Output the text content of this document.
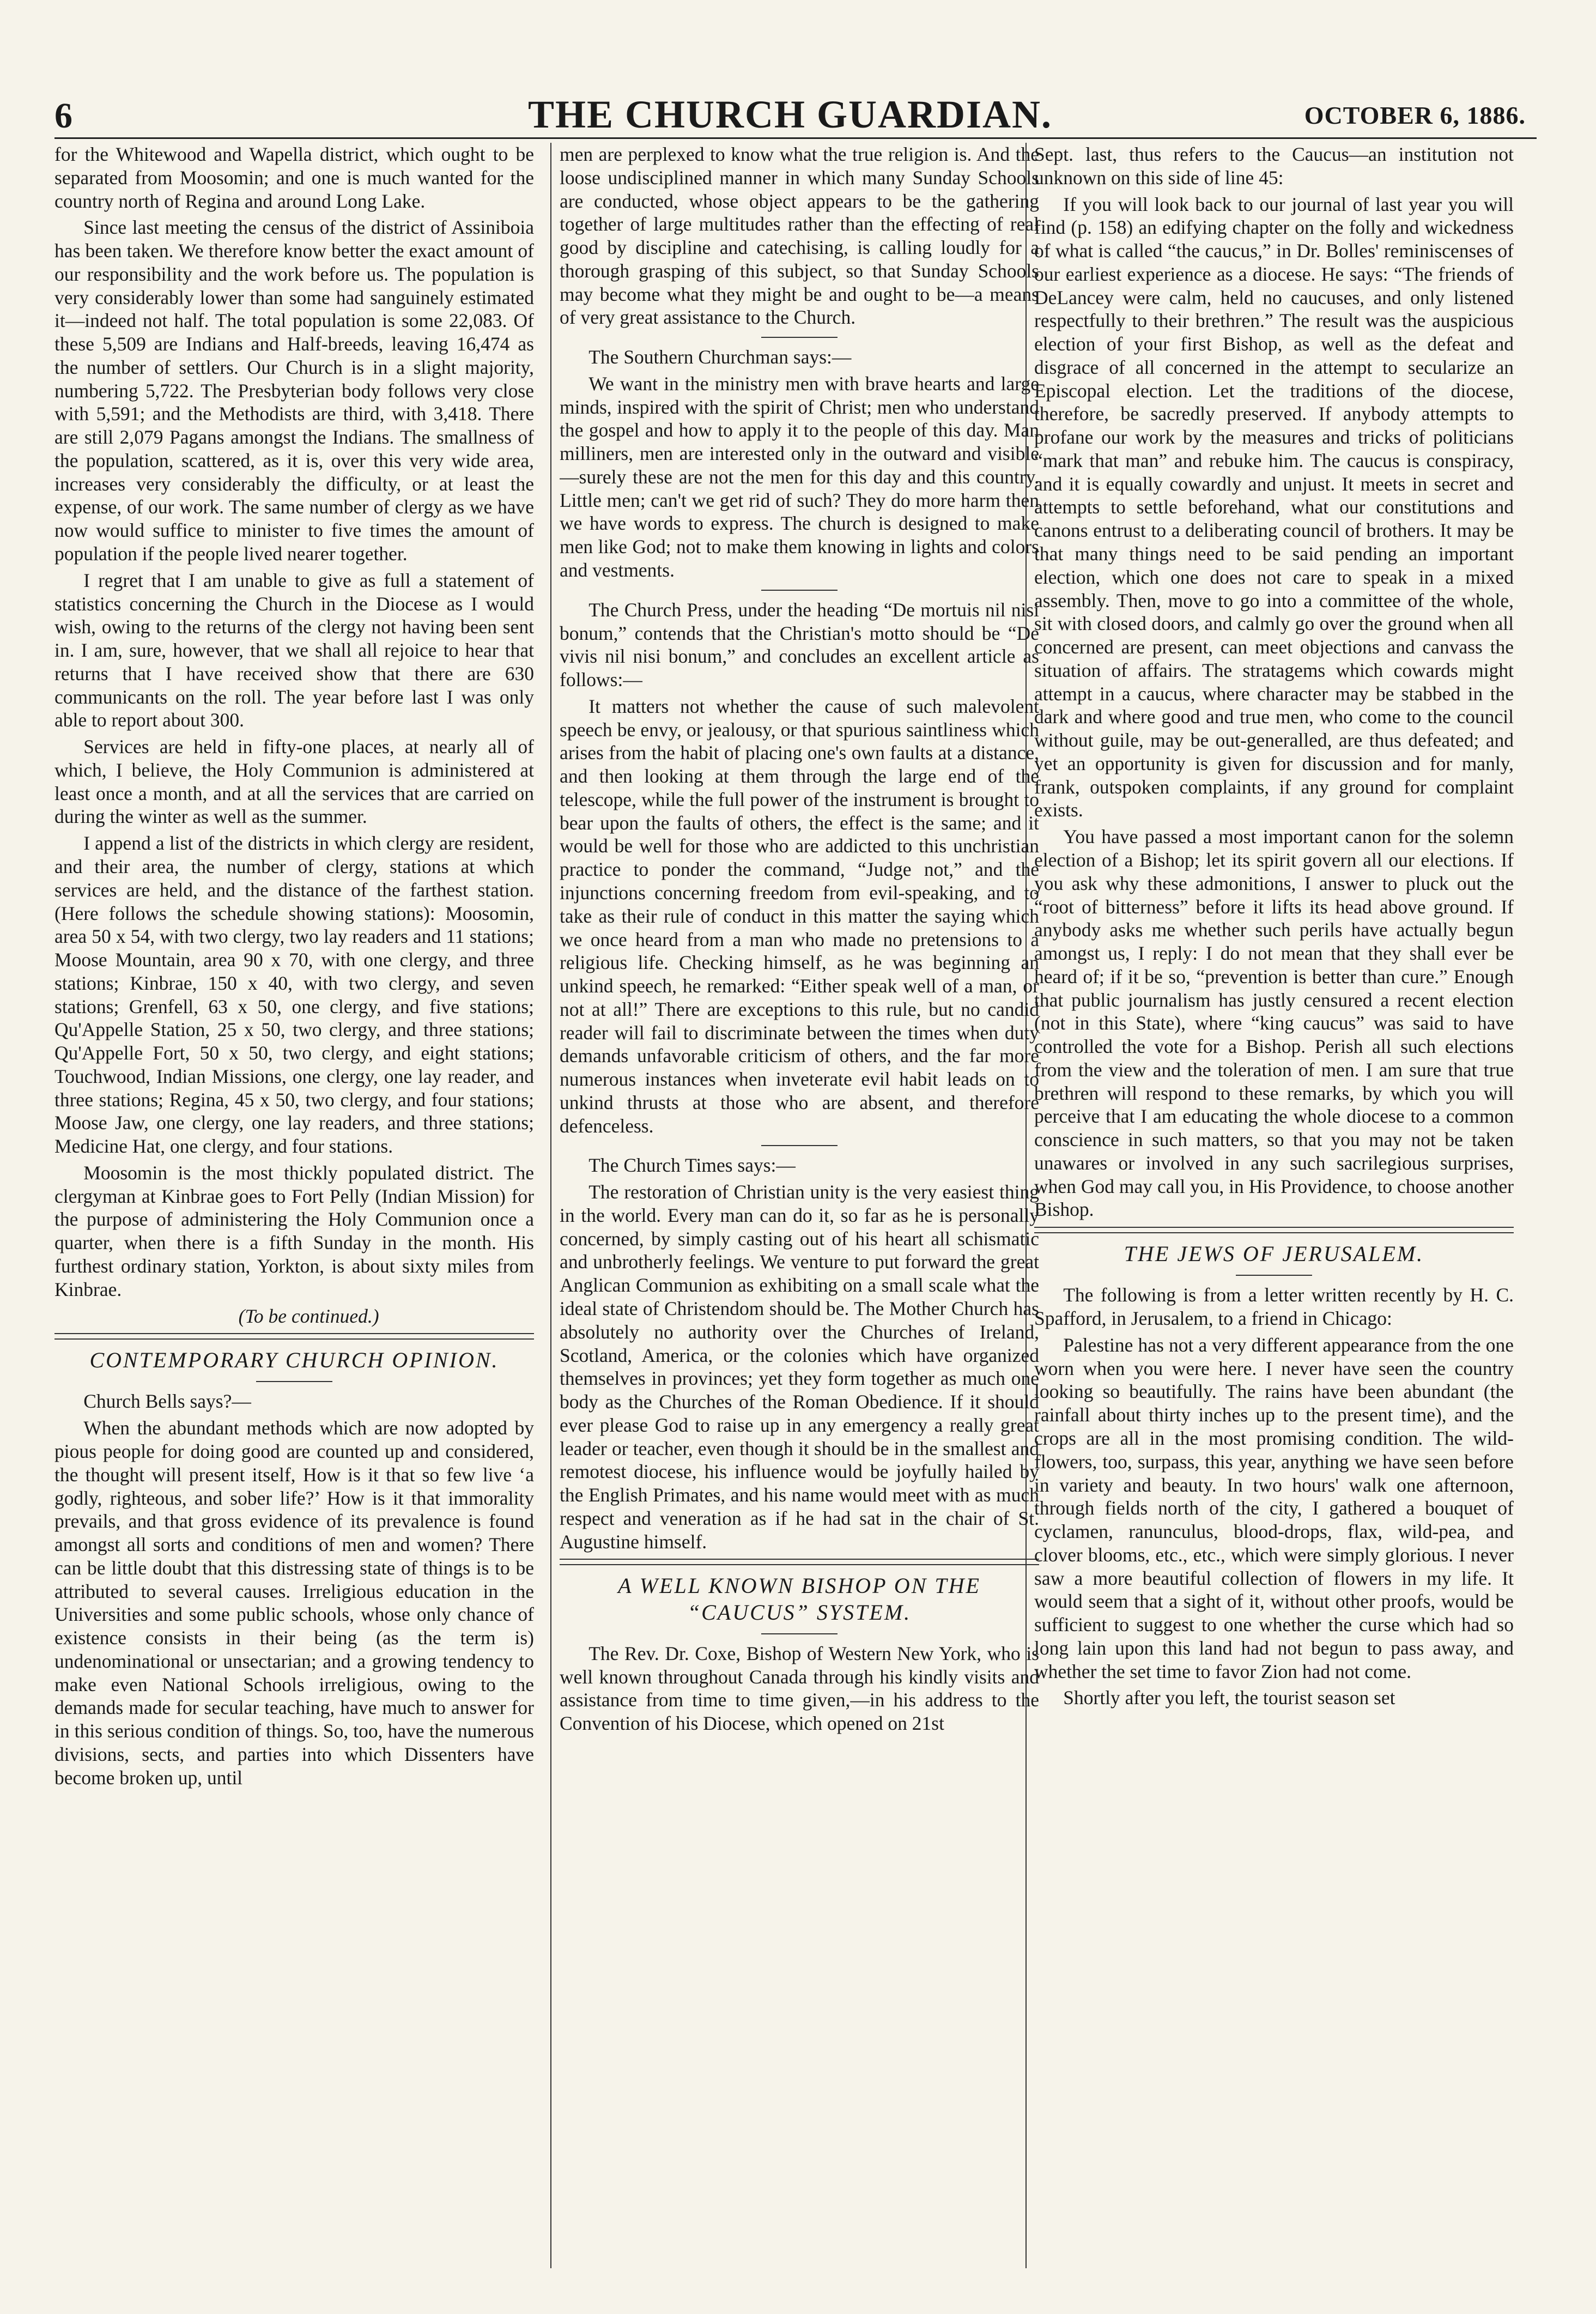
6	THE CHURCH GUARDIAN.	OCTOBER 6, 1886.

for the Whitewood and Wapella district, which ought to be separated from Moosomin; and one is much wanted for the country north of Regina and around Long Lake.

Since last meeting the census of the district of Assiniboia has been taken. We therefore know better the exact amount of our responsibility and the work before us. The population is very considerably lower than some had sanguinely estimated it—indeed not half. The total population is some 22,083. Of these 5,509 are Indians and Half-breeds, leaving 16,474 as the number of settlers. Our Church is in a slight majority, numbering 5,722. The Presbyterian body follows very close with 5,591; and the Methodists are third, with 3,418. There are still 2,079 Pagans amongst the Indians. The smallness of the population, scattered, as it is, over this very wide area, increases very considerably the difficulty, or at least the expense, of our work. The same number of clergy as we have now would suffice to minister to five times the amount of population if the people lived nearer together.

I regret that I am unable to give as full a statement of statistics concerning the Church in the Diocese as I would wish, owing to the returns of the clergy not having been sent in. I am, sure, however, that we shall all rejoice to hear that returns that I have received show that there are 630 communicants on the roll. The year before last I was only able to report about 300.

Services are held in fifty-one places, at nearly all of which, I believe, the Holy Communion is administered at least once a month, and at all the services that are carried on during the winter as well as the summer.

I append a list of the districts in which clergy are resident, and their area, the number of clergy, stations at which services are held, and the distance of the farthest station. (Here follows the schedule showing stations): Moosomin, area 50 x 54, with two clergy, two lay readers and 11 stations; Moose Mountain, area 90 x 70, with one clergy, and three stations; Kinbrae, 150 x 40, with two clergy, and seven stations; Grenfell, 63 x 50, one clergy, and five stations; Qu'Appelle Station, 25 x 50, two clergy, and three stations; Qu'Appelle Fort, 50 x 50, two clergy, and eight stations; Touchwood, Indian Missions, one clergy, one lay reader, and three stations; Regina, 45 x 50, two clergy, and four stations; Moose Jaw, one clergy, one lay readers, and three stations; Medicine Hat, one clergy, and four stations.

Moosomin is the most thickly populated district. The clergyman at Kinbrae goes to Fort Pelly (Indian Mission) for the purpose of administering the Holy Communion once a quarter, when there is a fifth Sunday in the month. His furthest ordinary station, Yorkton, is about sixty miles from Kinbrae.

(To be continued.)

CONTEMPORARY CHURCH OPINION.

Church Bells says?—

When the abundant methods which are now adopted by pious people for doing good are counted up and considered, the thought will present itself, How is it that so few live ‘a godly, righteous, and sober life?’ How is it that immorality prevails, and that gross evidence of its prevalence is found amongst all sorts and conditions of men and women? There can be little doubt that this distressing state of things is to be attributed to several causes. Irreligious education in the Universities and some public schools, whose only chance of existence consists in their being (as the term is) undenominational or unsectarian; and a growing tendency to make even National Schools irreligious, owing to the demands made for secular teaching, have much to answer for in this serious condition of things. So, too, have the numerous divisions, sects, and parties into which Dissenters have become broken up, until

men are perplexed to know what the true religion is. And the loose undisciplined manner in which many Sunday Schools are conducted, whose object appears to be the gathering together of large multitudes rather than the effecting of real good by discipline and catechising, is calling loudly for a thorough grasping of this subject, so that Sunday Schools may become what they might be and ought to be—a means of very great assistance to the Church.

The Southern Churchman says:—

We want in the ministry men with brave hearts and large minds, inspired with the spirit of Christ; men who understand the gospel and how to apply it to the people of this day. Man milliners, men are interested only in the outward and visible—surely these are not the men for this day and this country. Little men; can't we get rid of such? They do more harm then we have words to express. The church is designed to make men like God; not to make them knowing in lights and colors and vestments.

The Church Press, under the heading “De mortuis nil nisi bonum,” contends that the Christian's motto should be “De vivis nil nisi bonum,” and concludes an excellent article as follows:—

It matters not whether the cause of such malevolent speech be envy, or jealousy, or that spurious saintliness which arises from the habit of placing one's own faults at a distance, and then looking at them through the large end of the telescope, while the full power of the instrument is brought to bear upon the faults of others, the effect is the same; and it would be well for those who are addicted to this unchristian practice to ponder the command, “Judge not,” and the injunctions concerning freedom from evil-speaking, and to take as their rule of conduct in this matter the saying which we once heard from a man who made no pretensions to a religious life. Checking himself, as he was beginning an unkind speech, he remarked: “Either speak well of a man, or not at all!” There are exceptions to this rule, but no candid reader will fail to discriminate between the times when duty demands unfavorable criticism of others, and the far more numerous instances when inveterate evil habit leads on to unkind thrusts at those who are absent, and therefore defenceless.

The Church Times says:—

The restoration of Christian unity is the very easiest thing in the world. Every man can do it, so far as he is personally concerned, by simply casting out of his heart all schismatic and unbrotherly feelings. We venture to put forward the great Anglican Communion as exhibiting on a small scale what the ideal state of Christendom should be. The Mother Church has absolutely no authority over the Churches of Ireland, Scotland, America, or the colonies which have organized themselves in provinces; yet they form together as much one body as the Churches of the Roman Obedience. If it should ever please God to raise up in any emergency a really great leader or teacher, even though it should be in the smallest and remotest diocese, his influence would be joyfully hailed by the English Primates, and his name would meet with as much respect and veneration as if he had sat in the chair of St. Augustine himself.

A WELL KNOWN BISHOP ON THE
“CAUCUS” SYSTEM.

The Rev. Dr. Coxe, Bishop of Western New York, who is well known throughout Canada through his kindly visits and assistance from time to time given,—in his address to the Convention of his Diocese, which opened on 21st

Sept. last, thus refers to the Caucus—an institution not unknown on this side of line 45:

If you will look back to our journal of last year you will find (p. 158) an edifying chapter on the folly and wickedness of what is called “the caucus,” in Dr. Bolles' reminiscenses of our earliest experience as a diocese. He says: “The friends of DeLancey were calm, held no caucuses, and only listened respectfully to their brethren.” The result was the auspicious election of your first Bishop, as well as the defeat and disgrace of all concerned in the attempt to secularize an Episcopal election. Let the traditions of the diocese, therefore, be sacredly preserved. If anybody attempts to profane our work by the measures and tricks of politicians “mark that man” and rebuke him. The caucus is conspiracy, and it is equally cowardly and unjust. It meets in secret and attempts to settle beforehand, what our constitutions and canons entrust to a deliberating council of brothers. It may be that many things need to be said pending an important election, which one does not care to speak in a mixed assembly. Then, move to go into a committee of the whole, sit with closed doors, and calmly go over the ground when all concerned are present, can meet objections and canvass the situation of affairs. The stratagems which cowards might attempt in a caucus, where character may be stabbed in the dark and where good and true men, who come to the council without guile, may be out-generalled, are thus defeated; and yet an opportunity is given for discussion and for manly, frank, outspoken complaints, if any ground for complaint exists.

You have passed a most important canon for the solemn election of a Bishop; let its spirit govern all our elections. If you ask why these admonitions, I answer to pluck out the “root of bitterness” before it lifts its head above ground. If anybody asks me whether such perils have actually begun amongst us, I reply: I do not mean that they shall ever be heard of; if it be so, “prevention is better than cure.” Enough that public journalism has justly censured a recent election (not in this State), where “king caucus” was said to have controlled the vote for a Bishop. Perish all such elections from the view and the toleration of men. I am sure that true brethren will respond to these remarks, by which you will perceive that I am educating the whole diocese to a common conscience in such matters, so that you may not be taken unawares or involved in any such sacrilegious surprises, when God may call you, in His Providence, to choose another Bishop.

THE JEWS OF JERUSALEM.

The following is from a letter written recently by H. C. Spafford, in Jerusalem, to a friend in Chicago:

Palestine has not a very different appearance from the one worn when you were here. I never have seen the country looking so beautifully. The rains have been abundant (the rainfall about thirty inches up to the present time), and the crops are all in the most promising condition. The wild-flowers, too, surpass, this year, anything we have seen before in variety and beauty. In two hours' walk one afternoon, through fields north of the city, I gathered a bouquet of cyclamen, ranunculus, blood-drops, flax, wild-pea, and clover blooms, etc., etc., which were simply glorious. I never saw a more beautiful collection of flowers in my life. It would seem that a sight of it, without other proofs, would be sufficient to suggest to one whether the curse which had so long lain upon this land had not begun to pass away, and whether the set time to favor Zion had not come.

Shortly after you left, the tourist season set
